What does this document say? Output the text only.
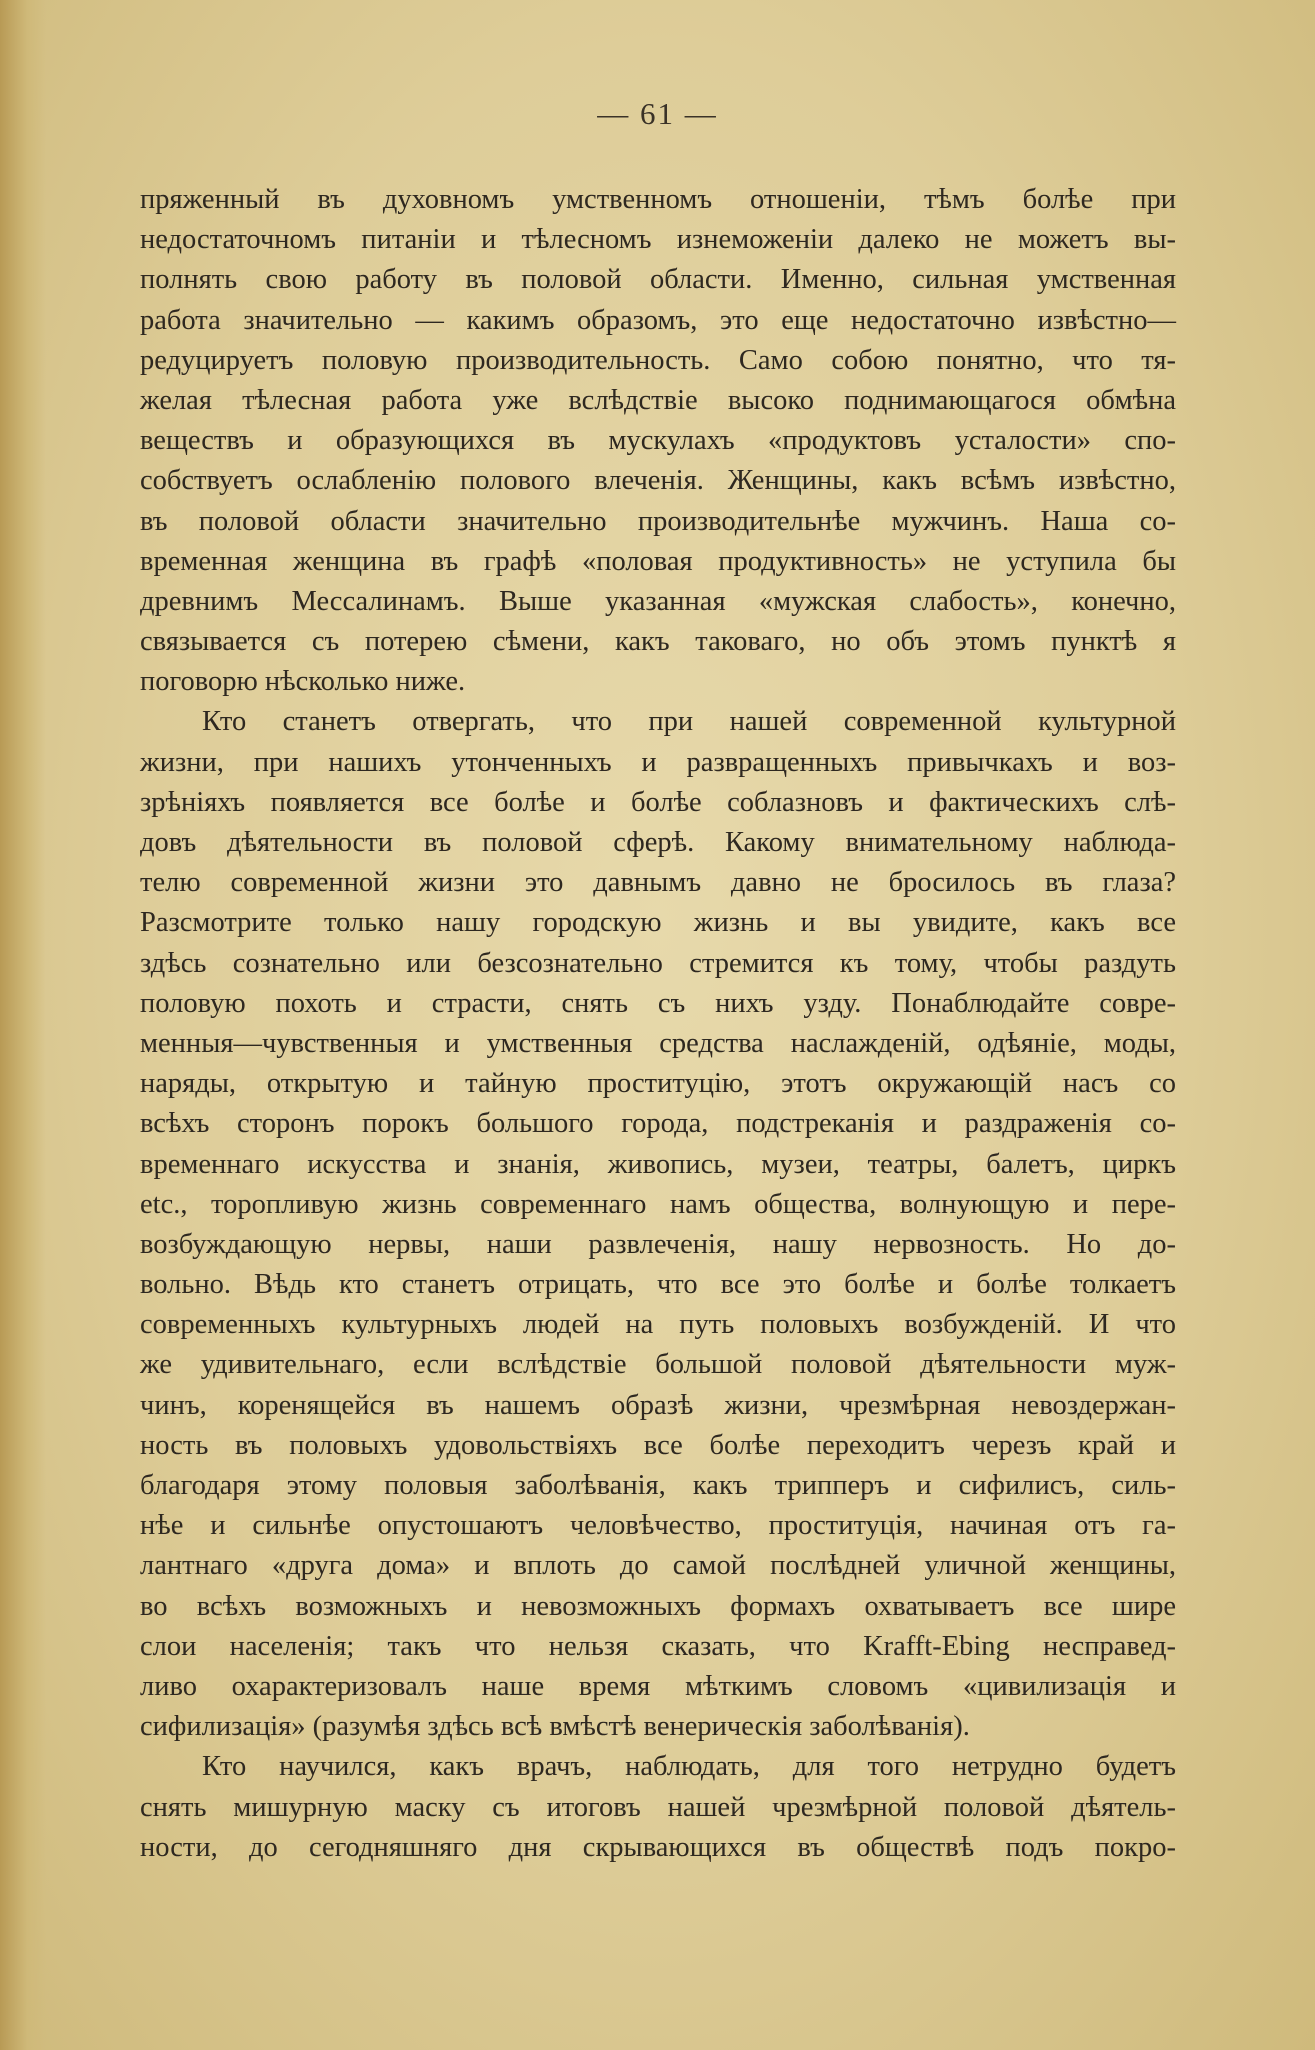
— 61 —
пряженный въ духовномъ умственномъ отношеніи, тѣмъ болѣе при
недостаточномъ питаніи и тѣлесномъ изнеможеніи далеко не можетъ вы-
полнять свою работу въ половой области. Именно, сильная умственная
работа значительно — какимъ образомъ, это еще недостаточно извѣстно—
редуцируетъ половую производительность. Само собою понятно, что тя-
желая тѣлесная работа уже вслѣдствіе высоко поднимающагося обмѣна
веществъ и образующихся въ мускулахъ «продуктовъ усталости» спо-
собствуетъ ослабленію полового влеченія. Женщины, какъ всѣмъ извѣстно,
въ половой области значительно производительнѣе мужчинъ. Наша со-
временная женщина въ графѣ «половая продуктивность» не уступила бы
древнимъ Мессалинамъ. Выше указанная «мужская слабость», конечно,
связывается съ потерею сѣмени, какъ таковаго, но объ этомъ пунктѣ я
поговорю нѣсколько ниже.
Кто станетъ отвергать, что при нашей современной культурной
жизни, при нашихъ утонченныхъ и развращенныхъ привычкахъ и воз-
зрѣніяхъ появляется все болѣе и болѣе соблазновъ и фактическихъ слѣ-
довъ дѣятельности въ половой сферѣ. Какому внимательному наблюда-
телю современной жизни это давнымъ давно не бросилось въ глаза?
Разсмотрите только нашу городскую жизнь и вы увидите, какъ все
здѣсь сознательно или безсознательно стремится къ тому, чтобы раздуть
половую похоть и страсти, снять съ нихъ узду. Понаблюдайте совре-
менныя—чувственныя и умственныя средства наслажденій, одѣяніе, моды,
наряды, открытую и тайную проституцію, этотъ окружающій насъ со
всѣхъ сторонъ порокъ большого города, подстреканія и раздраженія со-
временнаго искусства и знанія, живопись, музеи, театры, балетъ, циркъ
etc., торопливую жизнь современнаго намъ общества, волнующую и пере-
возбуждающую нервы, наши развлеченія, нашу нервозность. Но до-
вольно. Вѣдь кто станетъ отрицать, что все это болѣе и болѣе толкаетъ
современныхъ культурныхъ людей на путь половыхъ возбужденій. И что
же удивительнаго, если вслѣдствіе большой половой дѣятельности муж-
чинъ, коренящейся въ нашемъ образѣ жизни, чрезмѣрная невоздержан-
ность въ половыхъ удовольствіяхъ все болѣе переходитъ черезъ край и
благодаря этому половыя заболѣванія, какъ трипперъ и сифилисъ, силь-
нѣе и сильнѣе опустошаютъ человѣчество, проституція, начиная отъ га-
лантнаго «друга дома» и вплоть до самой послѣдней уличной женщины,
во всѣхъ возможныхъ и невозможныхъ формахъ охватываетъ все шире
слои населенія; такъ что нельзя сказать, что Krafft-Ebing несправед-
ливо охарактеризовалъ наше время мѣткимъ словомъ «цивилизація и
сифилизація» (разумѣя здѣсь всѣ вмѣстѣ венерическія заболѣванія).
Кто научился, какъ врачъ, наблюдать, для того нетрудно будетъ
снять мишурную маску съ итоговъ нашей чрезмѣрной половой дѣятель-
ности, до сегодняшняго дня скрывающихся въ обществѣ подъ покро-
